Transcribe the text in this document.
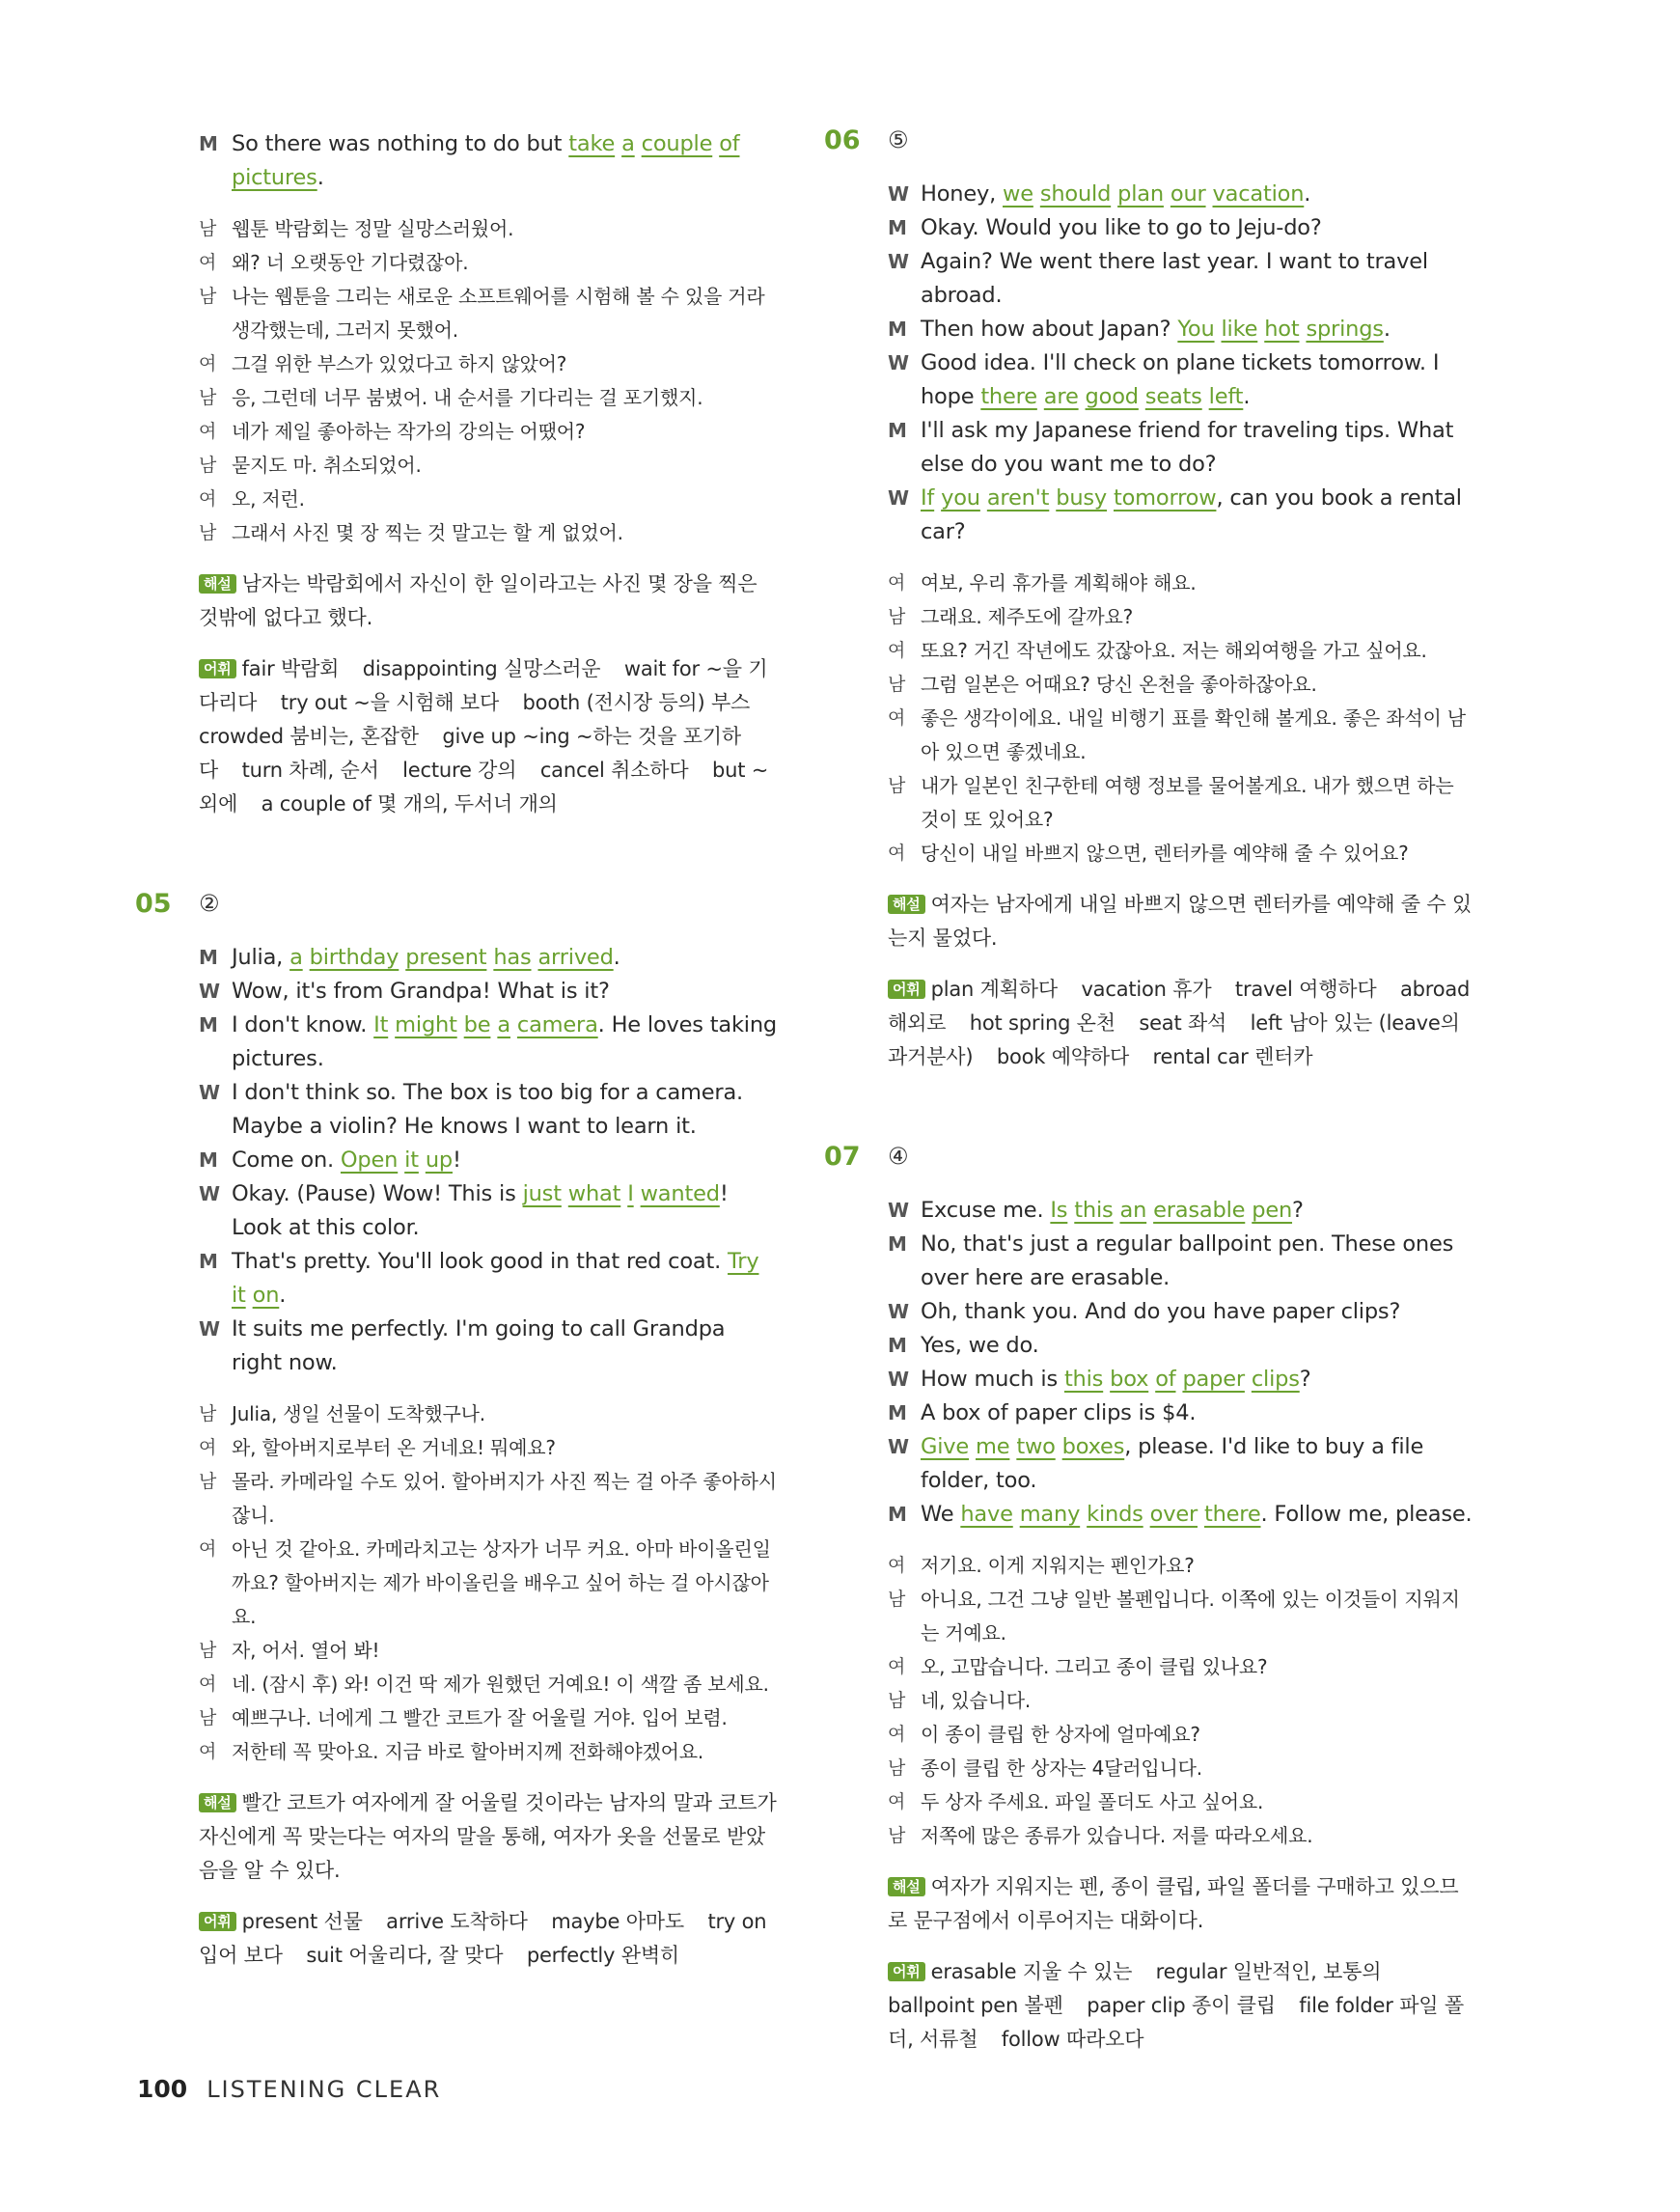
M So there was nothing to do but take a couple of pictures.
남 웹툰 박람회는 정말 실망스러웠어.
여 왜? 너 오랫동안 기다렸잖아.
남 나는 웹툰을 그리는 새로운 소프트웨어를 시험해 볼 수 있을 거라 생각했는데, 그러지 못했어.
여 그걸 위한 부스가 있었다고 하지 않았어?
남 응, 그런데 너무 붐볐어. 내 순서를 기다리는 걸 포기했지.
여 네가 제일 좋아하는 작가의 강의는 어땠어?
남 묻지도 마. 취소되었어.
여 오, 저런.
남 그래서 사진 몇 장 찍는 것 말고는 할 게 없었어.
해설 남자는 박람회에서 자신이 한 일이라고는 사진 몇 장을 찍은 것밖에 없다고 했다.
어휘 fair 박람회 disappointing 실망스러운 wait for ~을 기다리다 try out ~을 시험해 보다 booth (전시장 등의) 부스 crowded 붐비는, 혼잡한 give up ~ing ~하는 것을 포기하다 turn 차례, 순서 lecture 강의 cancel 취소하다 but ~ 외에 a couple of 몇 개의, 두서너 개의
05	②
M Julia, a birthday present has arrived.
W Wow, it's from Grandpa! What is it?
M I don't know. It might be a camera. He loves taking pictures.
W I don't think so. The box is too big for a camera. Maybe a violin? He knows I want to learn it.
M Come on. Open it up!
W Okay. (Pause) Wow! This is just what I wanted! Look at this color.
M That's pretty. You'll look good in that red coat. Try it on.
W It suits me perfectly. I'm going to call Grandpa right now.
남 Julia, 생일 선물이 도착했구나.
여 와, 할아버지로부터 온 거네요! 뭐예요?
남 몰라. 카메라일 수도 있어. 할아버지가 사진 찍는 걸 아주 좋아하시잖니.
여 아닌 것 같아요. 카메라치고는 상자가 너무 커요. 아마 바이올린일까요? 할아버지는 제가 바이올린을 배우고 싶어 하는 걸 아시잖아요.
남 자, 어서. 열어 봐!
여 네. (잠시 후) 와! 이건 딱 제가 원했던 거예요! 이 색깔 좀 보세요.
남 예쁘구나. 너에게 그 빨간 코트가 잘 어울릴 거야. 입어 보렴.
여 저한테 꼭 맞아요. 지금 바로 할아버지께 전화해야겠어요.
해설 빨간 코트가 여자에게 잘 어울릴 것이라는 남자의 말과 코트가 자신에게 꼭 맞는다는 여자의 말을 통해, 여자가 옷을 선물로 받았음을 알 수 있다.
어휘 present 선물 arrive 도착하다 maybe 아마도 try on 입어 보다 suit 어울리다, 잘 맞다 perfectly 완벽히
06	⑤
W Honey, we should plan our vacation.
M Okay. Would you like to go to Jeju-do?
W Again? We went there last year. I want to travel abroad.
M Then how about Japan? You like hot springs.
W Good idea. I'll check on plane tickets tomorrow. I hope there are good seats left.
M I'll ask my Japanese friend for traveling tips. What else do you want me to do?
W If you aren't busy tomorrow, can you book a rental car?
여 여보, 우리 휴가를 계획해야 해요.
남 그래요. 제주도에 갈까요?
여 또요? 거긴 작년에도 갔잖아요. 저는 해외여행을 가고 싶어요.
남 그럼 일본은 어때요? 당신 온천을 좋아하잖아요.
여 좋은 생각이에요. 내일 비행기 표를 확인해 볼게요. 좋은 좌석이 남아 있으면 좋겠네요.
남 내가 일본인 친구한테 여행 정보를 물어볼게요. 내가 했으면 하는 것이 또 있어요?
여 당신이 내일 바쁘지 않으면, 렌터카를 예약해 줄 수 있어요?
해설 여자는 남자에게 내일 바쁘지 않으면 렌터카를 예약해 줄 수 있는지 물었다.
어휘 plan 계획하다 vacation 휴가 travel 여행하다 abroad 해외로 hot spring 온천 seat 좌석 left 남아 있는 (leave의 과거분사) book 예약하다 rental car 렌터카
07	④
W Excuse me. Is this an erasable pen?
M No, that's just a regular ballpoint pen. These ones over here are erasable.
W Oh, thank you. And do you have paper clips?
M Yes, we do.
W How much is this box of paper clips?
M A box of paper clips is $4.
W Give me two boxes, please. I'd like to buy a file folder, too.
M We have many kinds over there. Follow me, please.
여 저기요. 이게 지워지는 펜인가요?
남 아니요, 그건 그냥 일반 볼펜입니다. 이쪽에 있는 이것들이 지워지는 거예요.
여 오, 고맙습니다. 그리고 종이 클립 있나요?
남 네, 있습니다.
여 이 종이 클립 한 상자에 얼마예요?
남 종이 클립 한 상자는 4달러입니다.
여 두 상자 주세요. 파일 폴더도 사고 싶어요.
남 저쪽에 많은 종류가 있습니다. 저를 따라오세요.
해설 여자가 지워지는 펜, 종이 클립, 파일 폴더를 구매하고 있으므로 문구점에서 이루어지는 대화이다.
어휘 erasable 지울 수 있는 regular 일반적인, 보통의 ballpoint pen 볼펜 paper clip 종이 클립 file folder 파일 폴더, 서류철 follow 따라오다
100 LISTENING CLEAR
